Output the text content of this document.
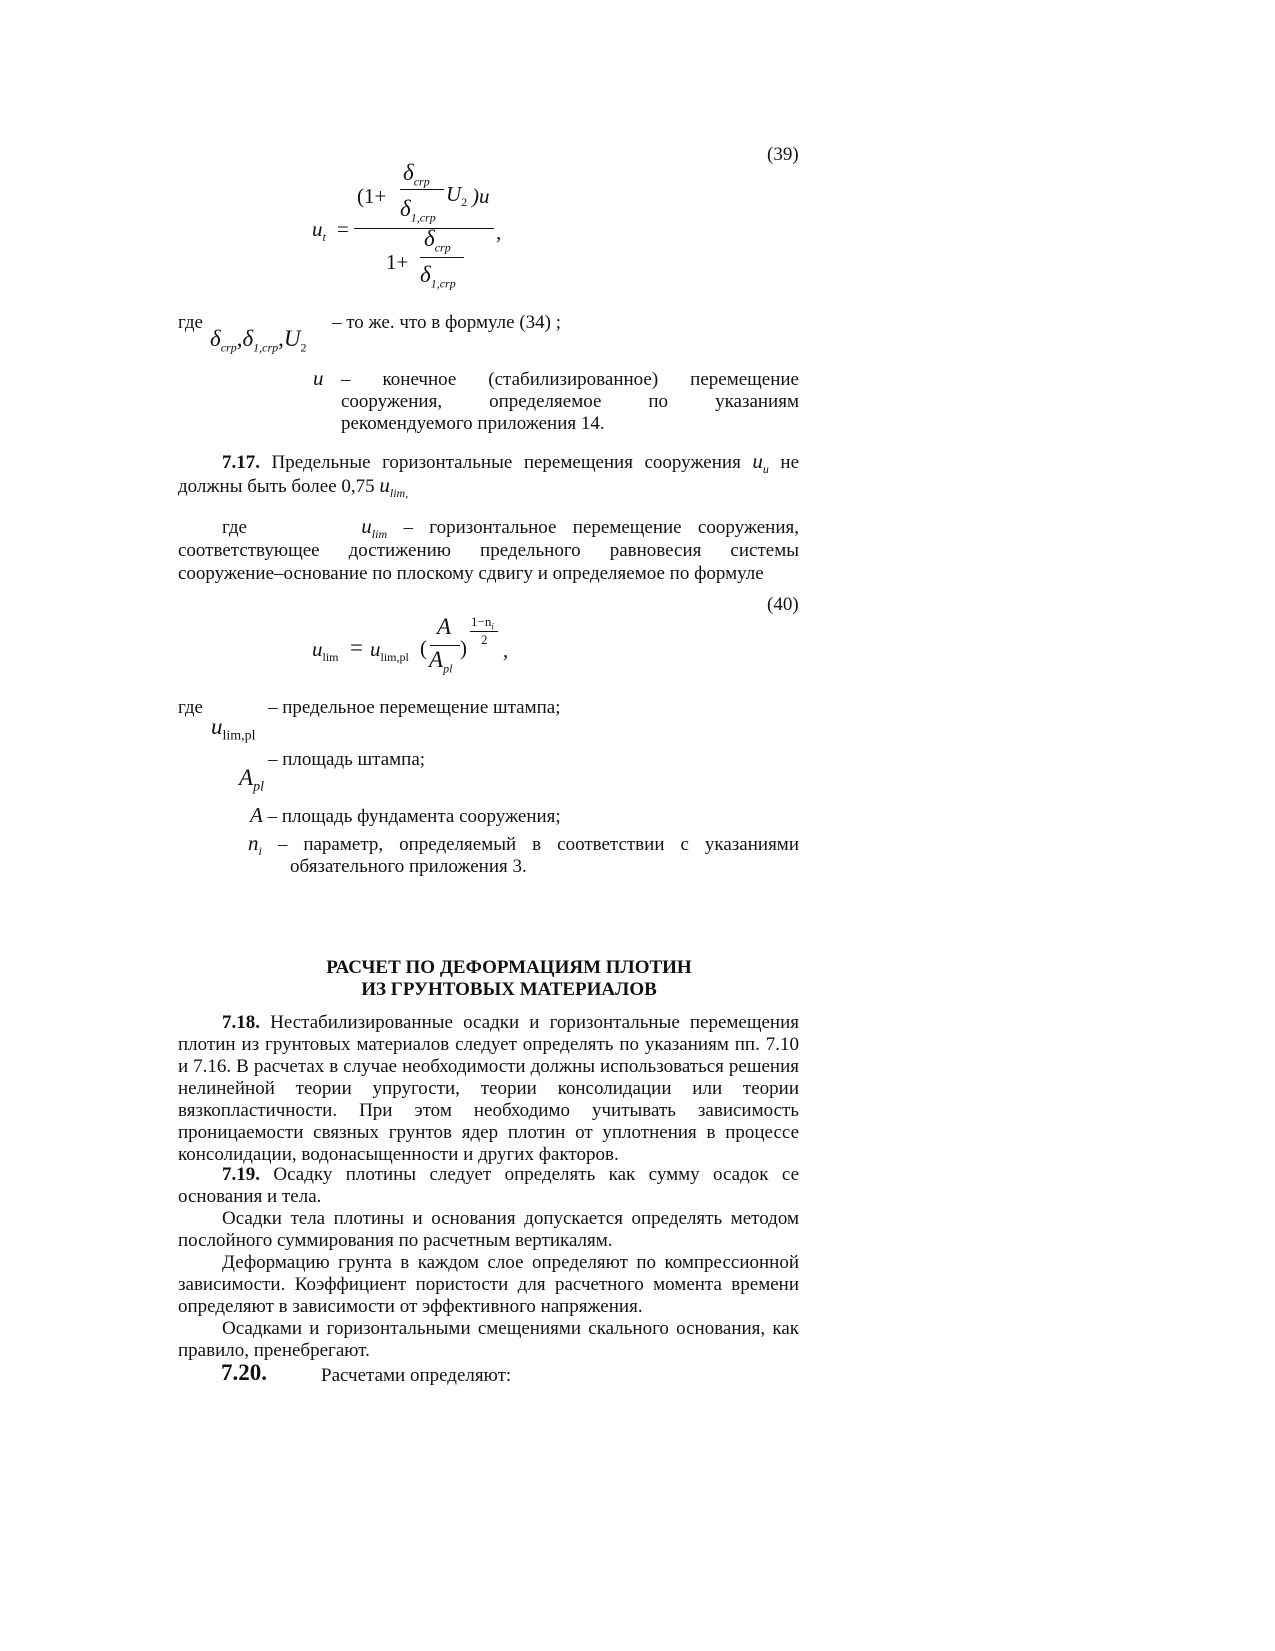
(39)
(1+
$\delta_{crp}$
$\delta_{1,crp}$
$U_2$ )u
$u_t$ =	,
1+
$\delta_{crp}$
$\delta_{1,crp}$
где
$\delta_{crp},\delta_{1,crp},U_2$
– то же. что в формуле (34) ;
u – конечное (стабилизированное) перемещение
сооружения, определяемое по указаниям
рекомендуемого приложения 14.
7.17. Предельные горизонтальные перемещения сооружения $u_u$ не должны быть более 0,75 $u_{lim,}$
где	$u_{lim}$ – горизонтальное перемещение сооружения, соответствующее достижению предельного равновесия системы сооружение–основание по плоскому сдвигу и определяемое по формуле
(40)
$u_{lim} = u_{lim,pl}$ (
A
$A_{pl}$
)
$1-n_i$
2 ,
где
$u_{lim,pl}$
– предельное перемещение штампа;
$A_{pl}$
– площадь штампа;
A – площадь фундамента сооружения;
$n_i$ – параметр, определяемый в соответствии с указаниями
обязательного приложения 3.
РАСЧЕТ ПО ДЕФОРМАЦИЯМ ПЛОТИН
ИЗ ГРУНТОВЫХ МАТЕРИАЛОВ
7.18. Нестабилизированные осадки и горизонтальные перемещения плотин из грунтовых материалов следует определять по указаниям пп. 7.10 и 7.16. В расчетах в случае необходимости должны использоваться решения нелинейной теории упругости, теории консолидации или теории вязкопластичности. При этом необходимо учитывать зависимость проницаемости связных грунтов ядер плотин от уплотнения в процессе консолидации, водонасыщенности и других факторов.
7.19. Осадку плотины следует определять как сумму осадок се основания и тела.
Осадки тела плотины и основания допускается определять методом послойного суммирования по расчетным вертикалям.
Деформацию грунта в каждом слое определяют по компрессионной зависимости. Коэффициент пористости для расчетного момента времени определяют в зависимости от эффективного напряжения.
Осадками и горизонтальными смещениями скального основания, как правило, пренебрегают.
7.20.	Расчетами определяют:
